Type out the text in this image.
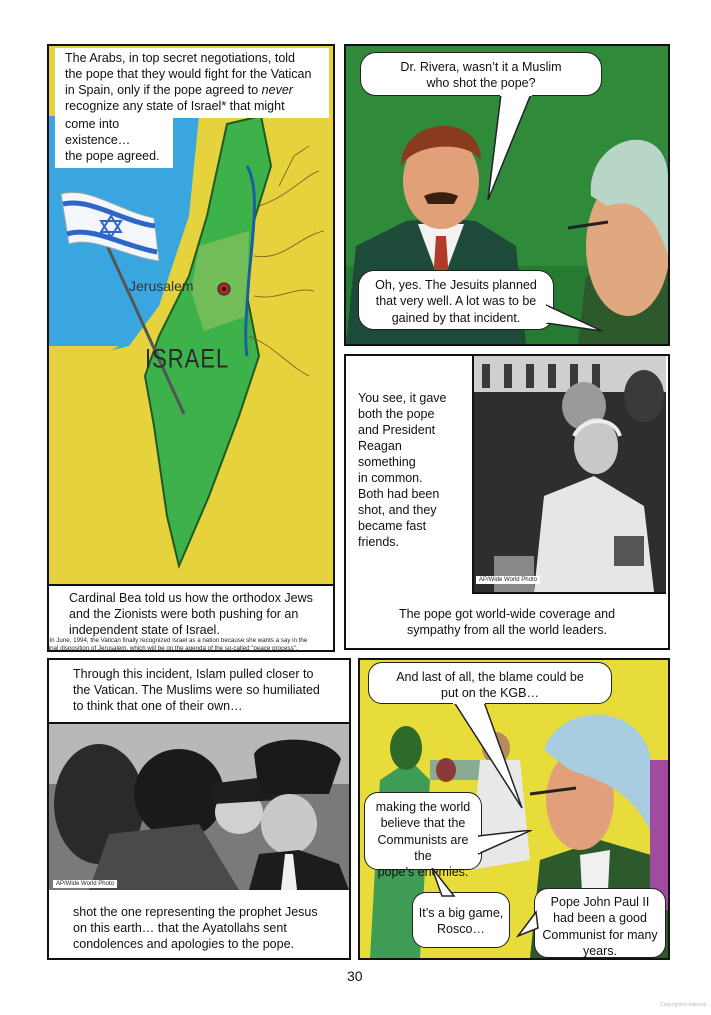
The Arabs, in top secret negotiations, told
the pope that they would fight for the Vatican
in Spain, only if the pope agreed to never
recognize any state of Israel* that might
come into
existence…
the pope agreed.
Jerusalem
ISRAEL
Cardinal Bea told us how the orthodox Jews
and the Zionists were both pushing for an
independent state of Israel.
*In June, 1994, the Vatican finally recognized Israel as a nation because she wants a say in the
final disposition of Jerusalem, which will be on the agenda of the so-called "peace process".
Dr. Rivera, wasn’t it a Muslim
who shot the pope?
Oh, yes. The Jesuits planned
that very well. A lot was to be
gained by that incident.
You see, it gave
both the pope
and President
Reagan
something
in common.
Both had been
shot, and they
became fast
friends.
AP/Wide World Photo
The pope got world-wide coverage and
sympathy from all the world leaders.
Through this incident, Islam pulled closer to
the Vatican. The Muslims were so humiliated
to think that one of their own…
AP/Wide World Photo
shot the one representing the prophet Jesus
on this earth… that the Ayatollahs sent
condolences and apologies to the pope.
And last of all, the blame could be
put on the KGB…
making the world
believe that the
Communists are the
pope’s enemies.
It’s a big game,
Rosco…
Pope John Paul II
had been a good
Communist for many
years.
30
Copyrighted material
